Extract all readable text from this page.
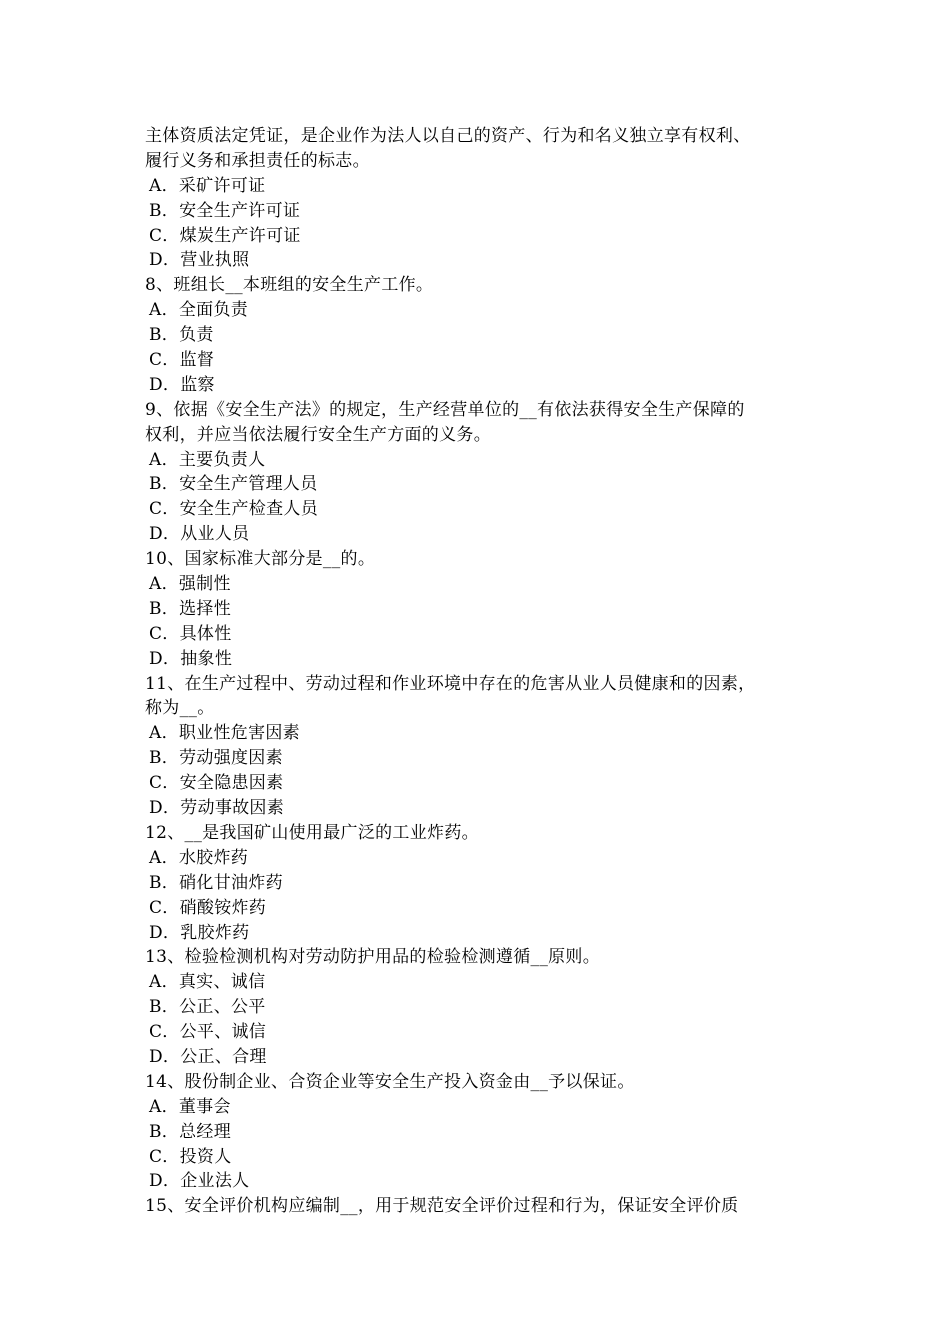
主体资质法定凭证，是企业作为法人以自己的资产、行为和名义独立享有权利、
履行义务和承担责任的标志。
A．采矿许可证
B．安全生产许可证
C．煤炭生产许可证
D．营业执照
8、班组长__本班组的安全生产工作。
A．全面负责
B．负责
C．监督
D．监察
9、依据《安全生产法》的规定，生产经营单位的__有依法获得安全生产保障的
权利，并应当依法履行安全生产方面的义务。
A．主要负责人
B．安全生产管理人员
C．安全生产检查人员
D．从业人员
10、国家标准大部分是__的。
A．强制性
B．选择性
C．具体性
D．抽象性
11、在生产过程中、劳动过程和作业环境中存在的危害从业人员健康和的因素，
称为__。
A．职业性危害因素
B．劳动强度因素
C．安全隐患因素
D．劳动事故因素
12、__是我国矿山使用最广泛的工业炸药。
A．水胶炸药
B．硝化甘油炸药
C．硝酸铵炸药
D．乳胶炸药
13、检验检测机构对劳动防护用品的检验检测遵循__原则。
A．真实、诚信
B．公正、公平
C．公平、诚信
D．公正、合理
14、股份制企业、合资企业等安全生产投入资金由__予以保证。
A．董事会
B．总经理
C．投资人
D．企业法人
15、安全评价机构应编制__，用于规范安全评价过程和行为，保证安全评价质
